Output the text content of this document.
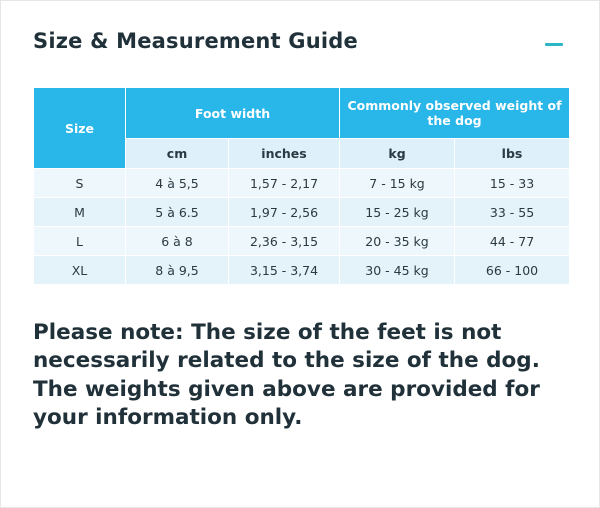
Size & Measurement Guide
Size	Foot width		Commonly observed weight of the dog	
	cm	inches	kg	lbs
S	4 à 5,5	1,57 - 2,17	7 - 15 kg	15 - 33
M	5 à 6.5	1,97 - 2,56	15 - 25 kg	33 - 55
L	6 à 8	2,36 - 3,15	20 - 35 kg	44 - 77
XL	8 à 9,5	3,15 - 3,74	30 - 45 kg	66 - 100
Please note: The size of the feet is not necessarily related to the size of the dog. The weights given above are provided for your information only.
